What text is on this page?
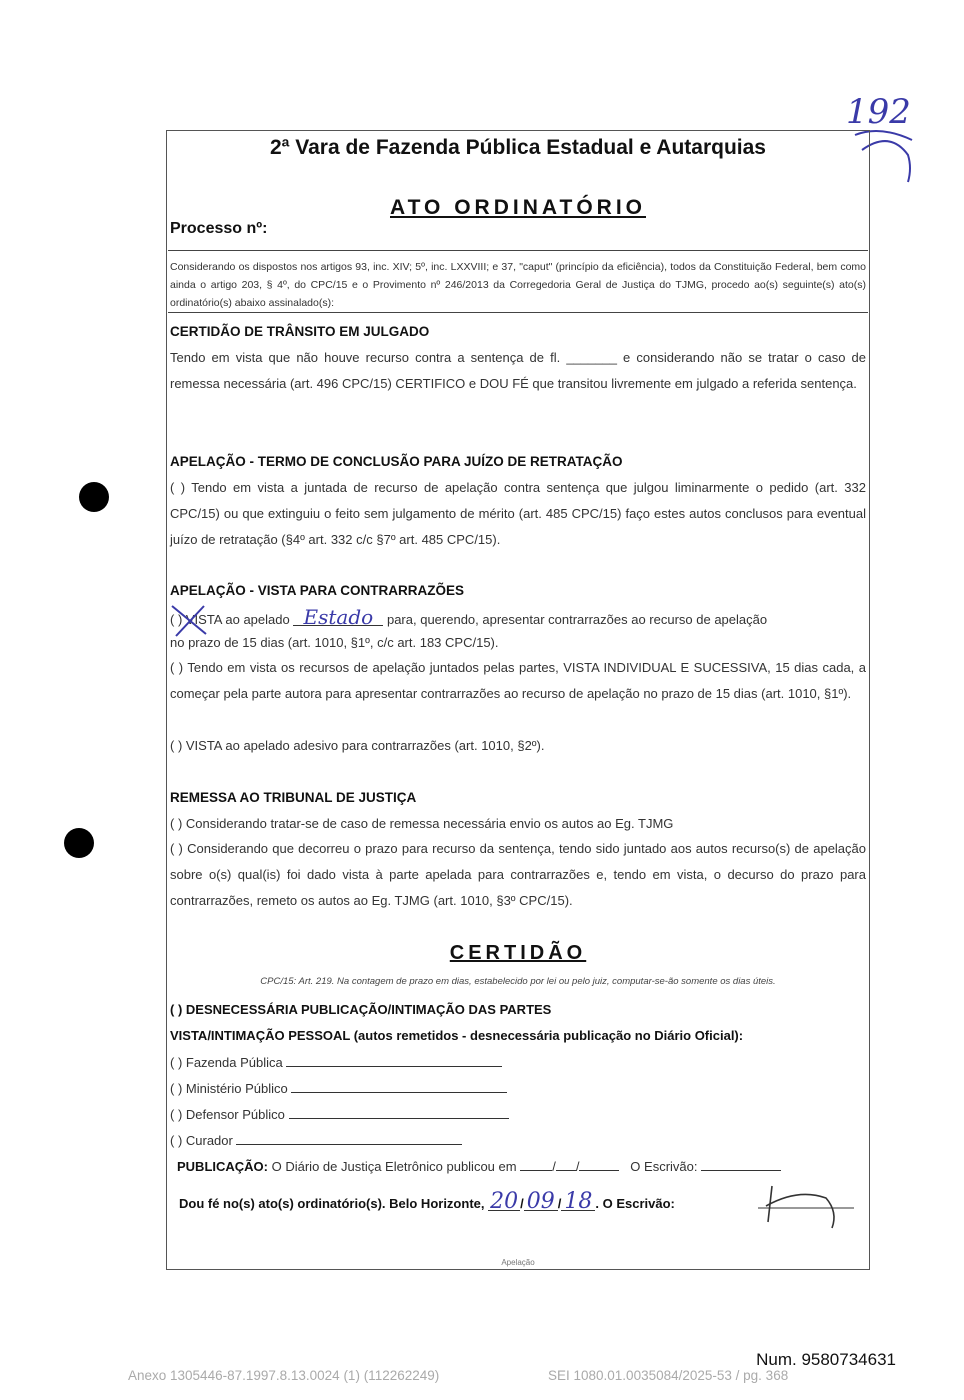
192
2ª Vara de Fazenda Pública Estadual e Autarquias
ATO ORDINATÓRIO
Processo nº:
Considerando os dispostos nos artigos 93, inc. XIV; 5º, inc. LXXVIII; e 37, "caput" (princípio da eficiência), todos da Constituição Federal, bem como ainda o artigo 203, § 4º, do CPC/15 e o Provimento nº 246/2013 da Corregedoria Geral de Justiça do TJMG, procedo ao(s) seguinte(s) ato(s) ordinatório(s) abaixo assinalado(s):
CERTIDÃO DE TRÂNSITO EM JULGADO
Tendo em vista que não houve recurso contra a sentença de fl. _______ e considerando não se tratar o caso de remessa necessária (art. 496 CPC/15) CERTIFICO e DOU FÉ que transitou livremente em julgado a referida sentença.
APELAÇÃO - TERMO DE CONCLUSÃO PARA JUÍZO DE RETRATAÇÃO
( ) Tendo em vista a juntada de recurso de apelação contra sentença que julgou liminarmente o pedido (art. 332 CPC/15) ou que extinguiu o feito sem julgamento de mérito (art. 485 CPC/15) faço estes autos conclusos para eventual juízo de retratação (§4º art. 332 c/c §7º art. 485 CPC/15).
APELAÇÃO - VISTA PARA CONTRARRAZÕES
( ) VISTA ao apelado Estado para, querendo, apresentar contrarrazões ao recurso de apelação
no prazo de 15 dias (art. 1010, §1º, c/c art. 183 CPC/15).
( ) Tendo em vista os recursos de apelação juntados pelas partes, VISTA INDIVIDUAL E SUCESSIVA, 15 dias cada, a começar pela parte autora para apresentar contrarrazões ao recurso de apelação no prazo de 15 dias (art. 1010, §1º).
( ) VISTA ao apelado adesivo para contrarrazões (art. 1010, §2º).
REMESSA AO TRIBUNAL DE JUSTIÇA
( ) Considerando tratar-se de caso de remessa necessária envio os autos ao Eg. TJMG
( ) Considerando que decorreu o prazo para recurso da sentença, tendo sido juntado aos autos recurso(s) de apelação sobre o(s) qual(is) foi dado vista à parte apelada para contrarrazões e, tendo em vista, o decurso do prazo para contrarrazões, remeto os autos ao Eg. TJMG (art. 1010, §3º CPC/15).
CERTIDÃO
CPC/15: Art. 219. Na contagem de prazo em dias, estabelecido por lei ou pelo juiz, computar-se-ão somente os dias úteis.
( ) DESNECESSÁRIA PUBLICAÇÃO/INTIMAÇÃO DAS PARTES
VISTA/INTIMAÇÃO PESSOAL (autos remetidos - desnecessária publicação no Diário Oficial):
( ) Fazenda Pública
( ) Ministério Público
( ) Defensor Público
( ) Curador
PUBLICAÇÃO: O Diário de Justiça Eletrônico publicou em	/ /	O Escrivão:
Dou fé no(s) ato(s) ordinatório(s). Belo Horizonte, 20 / 09 / 18 . O Escrivão:
Apelação
Num. 9580734631
Anexo 1305446-87.1997.8.13.0024 (1) (112262249)	SEI 1080.01.0035084/2025-53 / pg. 368
